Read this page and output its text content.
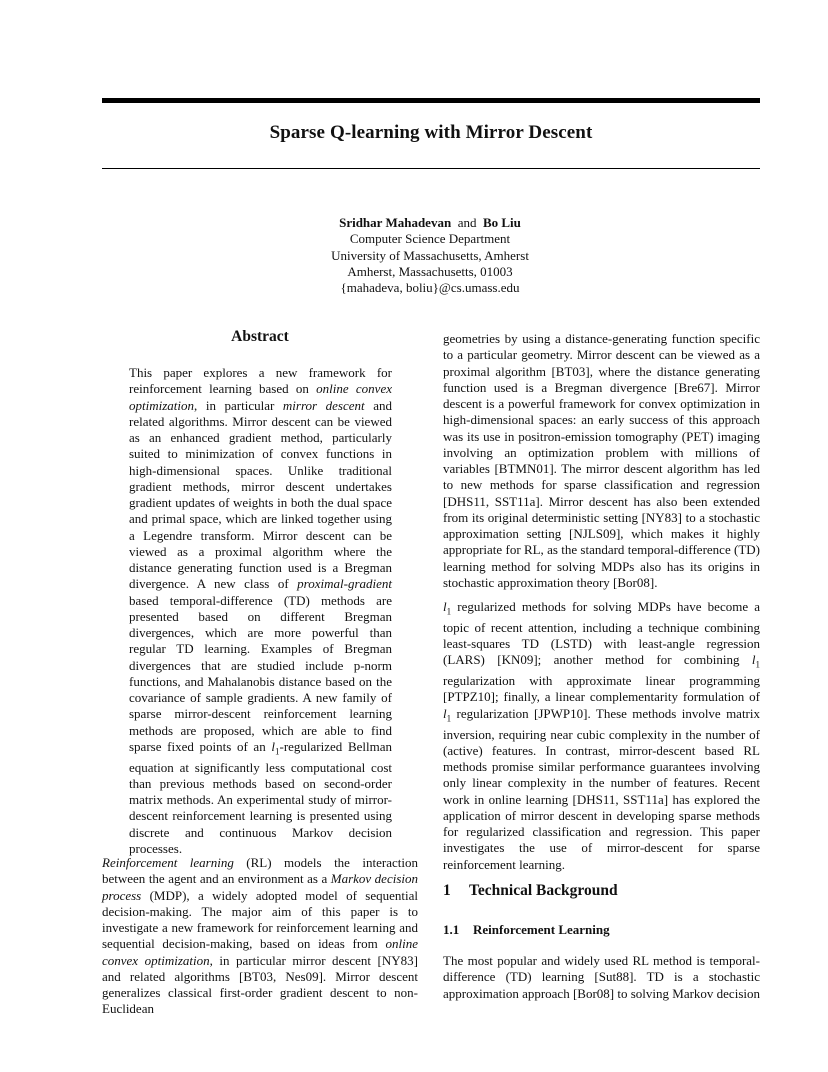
Sparse Q-learning with Mirror Descent
Sridhar Mahadevan and Bo Liu
Computer Science Department
University of Massachusetts, Amherst
Amherst, Massachusetts, 01003
{mahadeva, boliu}@cs.umass.edu
Abstract

This paper explores a new framework for reinforcement learning based on online convex optimization, in particular mirror descent and related algorithms. Mirror descent can be viewed as an enhanced gradient method, particularly suited to minimization of convex functions in high-dimensional spaces. Unlike traditional gradient methods, mirror descent undertakes gradient updates of weights in both the dual space and primal space, which are linked together using a Legendre transform. Mirror descent can be viewed as a proximal algorithm where the distance generating function used is a Bregman divergence. A new class of proximal-gradient based temporal-difference (TD) methods are presented based on different Bregman divergences, which are more powerful than regular TD learning. Examples of Bregman divergences that are studied include p-norm functions, and Mahalanobis distance based on the covariance of sample gradients. A new family of sparse mirror-descent reinforcement learning methods are proposed, which are able to find sparse fixed points of an $l_1$-regularized Bellman equation at significantly less computational cost than previous methods based on second-order matrix methods. An experimental study of mirror-descent reinforcement learning is presented using discrete and continuous Markov decision processes.

Reinforcement learning (RL) models the interaction between the agent and an environment as a Markov decision process (MDP), a widely adopted model of sequential decision-making. The major aim of this paper is to investigate a new framework for reinforcement learning and sequential decision-making, based on ideas from online convex optimization, in particular mirror descent [NY83] and related algorithms [BT03, Nes09]. Mirror descent generalizes classical first-order gradient descent to non-Euclidean

geometries by using a distance-generating function specific to a particular geometry. Mirror descent can be viewed as a proximal algorithm [BT03], where the distance generating function used is a Bregman divergence [Bre67]. Mirror descent is a powerful framework for convex optimization in high-dimensional spaces: an early success of this approach was its use in positron-emission tomography (PET) imaging involving an optimization problem with millions of variables [BTMN01]. The mirror descent algorithm has led to new methods for sparse classification and regression [DHS11, SST11a]. Mirror descent has also been extended from its original deterministic setting [NY83] to a stochastic approximation setting [NJLS09], which makes it highly appropriate for RL, as the standard temporal-difference (TD) learning method for solving MDPs also has its origins in stochastic approximation theory [Bor08].

$l_1$ regularized methods for solving MDPs have become a topic of recent attention, including a technique combining least-squares TD (LSTD) with least-angle regression (LARS) [KN09]; another method for combining $l_1$ regularization with approximate linear programming [PTPZ10]; finally, a linear complementarity formulation of $l_1$ regularization [JPWP10]. These methods involve matrix inversion, requiring near cubic complexity in the number of (active) features. In contrast, mirror-descent based RL methods promise similar performance guarantees involving only linear complexity in the number of features. Recent work in online learning [DHS11, SST11a] has explored the application of mirror descent in developing sparse methods for regularized classification and regression. This paper investigates the use of mirror-descent for sparse reinforcement learning.

1 Technical Background
1.1 Reinforcement Learning

The most popular and widely used RL method is temporal-difference (TD) learning [Sut88]. TD is a stochastic approximation approach [Bor08] to solving Markov decision
